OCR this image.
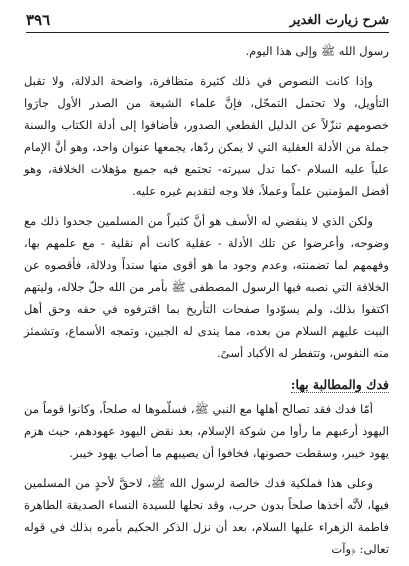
شرح زيارت الغدير
٣٩٦

رسول الله ﷺ وإلى هذا اليوم.

وإذا كانت النصوص في ذلك كثيرة متظافرة، واضحة الدلالة، ولا تقبل التأويل، ولا تحتمل التمحّل، فإنَّ علماء الشيعة من الصدر الأول جارَوا خصومهم تنزّلاً عن الدليل القطعي الصدور، فأضافوا إلى أدلة الكتاب والسنة جملة من الأدلة العقلية التي لا يمكن ردّها، يجمعها عنوان واحد، وهو أنَّ الإمام علياً عليه السلام -كما تدل سيرته- تجتمع فيه جميع مؤهلات الخلافة، وهو أفضل المؤمنين علماً وعملاً، فلا وجه لتقديم غيره عليه.

ولكن الذي لا ينقضي له الأسف هو أنَّ كثيراً من المسلمين جحدوا ذلك مع وضوحه، وأعرضوا عن تلك الأدلة - عقلية كانت أم نقلية - مع علمهم بها، وفهمهم لما تضمنته، وعدم وجود ما هو أقوى منها سنداً ودلالة، فأقصوه عن الخلافة التي نصبه فيها الرسول المصطفى ﷺ بأمر من الله جلّ جلاله، وليتهم اكتفوا بذلك، ولم يسوّدوا صفحات التأريخ بما اقترفوه في حقه وحق أهل البيت عليهم السلام من بعده، مما يندى له الجبين، وتمجه الأسماع، وتشمئز منه النفوس، وتتفطر له الأكباد أسىً.

فدك والمطالبة بها:

أمّا فدك فقد تصالح أهلها مع النبي ﷺ، فسلّموها له صلحاً، وكانوا قوماً من اليهود أرعبهم ما رأوا من شوكة الإسلام، بعد نقض اليهود عهودهم، حيث هزم يهود خيبر، وسقطت حصونها، فخافوا أن يصيبهم ما أصاب يهود خيبر.

وعلى هذا فملكية فدك خالصة لرسول الله ﷺ، لاحقَّ لأحدٍ من المسلمين فيها، لأنَّه أخذها صلحاً بدون حرب، وقد نحلها للسيدة النساء الصديقة الطاهرة فاطمة الزهراء عليها السلام، بعد أن نزل الذكر الحكيم بأمره بذلك في قوله تعالى: ﴿وآت
